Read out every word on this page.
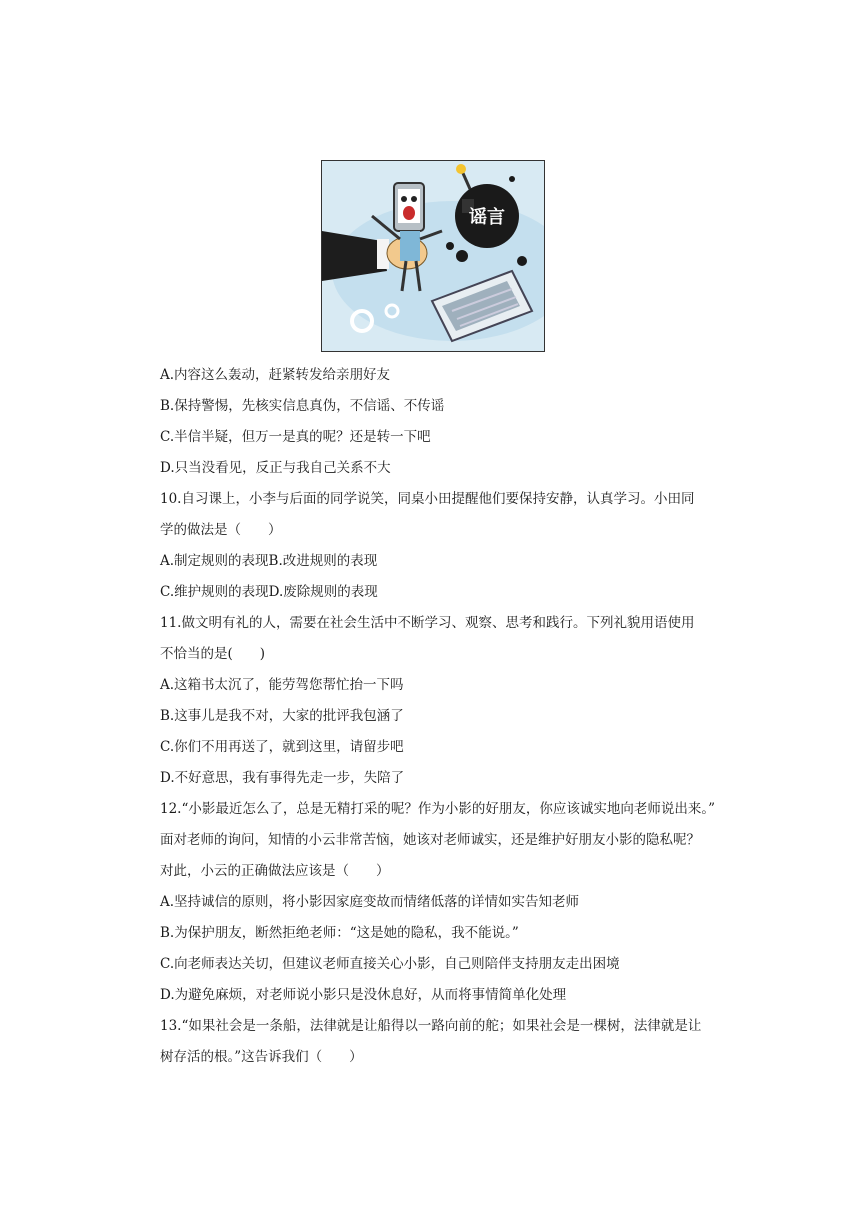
谣言
A.内容这么轰动，赶紧转发给亲朋好友
B.保持警惕，先核实信息真伪，不信谣、不传谣
C.半信半疑，但万一是真的呢？还是转一下吧
D.只当没看见，反正与我自己关系不大
10.自习课上，小李与后面的同学说笑，同桌小田提醒他们要保持安静，认真学习。小田同
学的做法是（　　）
A.制定规则的表现B.改进规则的表现
C.维护规则的表现D.废除规则的表现
11.做文明有礼的人，需要在社会生活中不断学习、观察、思考和践行。下列礼貌用语使用
不恰当的是(　　)
A.这箱书太沉了，能劳驾您帮忙抬一下吗
B.这事儿是我不对，大家的批评我包涵了
C.你们不用再送了，就到这里，请留步吧
D.不好意思，我有事得先走一步，失陪了
12.“小影最近怎么了，总是无精打采的呢？作为小影的好朋友，你应该诚实地向老师说出来。”
面对老师的询问，知情的小云非常苦恼，她该对老师诚实，还是维护好朋友小影的隐私呢？
对此，小云的正确做法应该是（　　）
A.坚持诚信的原则，将小影因家庭变故而情绪低落的详情如实告知老师
B.为保护朋友，断然拒绝老师：“这是她的隐私，我不能说。”
C.向老师表达关切，但建议老师直接关心小影，自己则陪伴支持朋友走出困境
D.为避免麻烦，对老师说小影只是没休息好，从而将事情简单化处理
13.“如果社会是一条船，法律就是让船得以一路向前的舵；如果社会是一棵树，法律就是让
树存活的根。”这告诉我们（　　）
